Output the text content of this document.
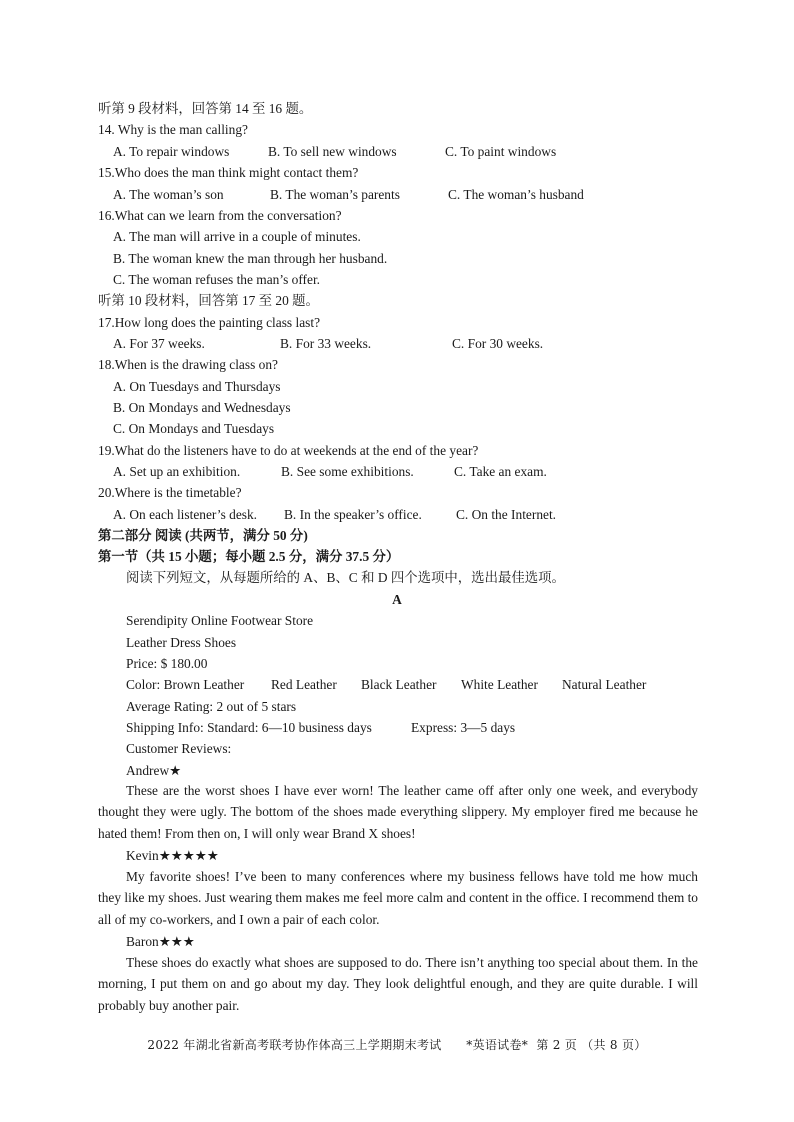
听第 9 段材料，回答第 14 至 16 题。
14. Why is the man calling?
A. To repair windows	B. To sell new windows	C. To paint windows
15.Who does the man think might contact them?
A. The woman’s son	B. The woman’s parents	C. The woman’s husband
16.What can we learn from the conversation?
A. The man will arrive in a couple of minutes.
B. The woman knew the man through her husband.
C. The woman refuses the man’s offer.
听第 10 段材料，回答第 17 至 20 题。
17.How long does the painting class last?
A. For 37 weeks.	B. For 33 weeks.	C. For 30 weeks.
18.When is the drawing class on?
A. On Tuesdays and Thursdays
B. On Mondays and Wednesdays
C. On Mondays and Tuesdays
19.What do the listeners have to do at weekends at the end of the year?
A. Set up an exhibition.	B. See some exhibitions.	C. Take an exam.
20.Where is the timetable?
A. On each listener’s desk. B. In the speaker’s office.	C. On the Internet.
第二部分 阅读 (共两节，满分 50 分)
第一节（共 15 小题；每小题 2.5 分，满分 37.5 分）
阅读下列短文，从每题所给的 A、B、C 和 D 四个选项中，选出最佳选项。
A
Serendipity Online Footwear Store
Leather Dress Shoes
Price: $ 180.00
Color: Brown Leather Red Leather Black Leather White Leather Natural Leather
Average Rating: 2 out of 5 stars
Shipping Info: Standard: 6—10 business days	Express: 3—5 days
Customer Reviews:
Andrew★
These are the worst shoes I have ever worn! The leather came off after only one week, and everybody thought they were ugly. The bottom of the shoes made everything slippery. My employer fired me because he hated them! From then on, I will only wear Brand X shoes!
Kevin★★★★★
My favorite shoes! I’ve been to many conferences where my business fellows have told me how much they like my shoes. Just wearing them makes me feel more calm and content in the office. I recommend them to all of my co-workers, and I own a pair of each color.
Baron★★★
These shoes do exactly what shoes are supposed to do. There isn’t anything too special about them. In the morning, I put them on and go about my day. They look delightful enough, and they are quite durable. I will probably buy another pair.
2022 年湖北省新高考联考协作体高三上学期期末考试 *英语试卷* 第 2 页 （共 8 页）
